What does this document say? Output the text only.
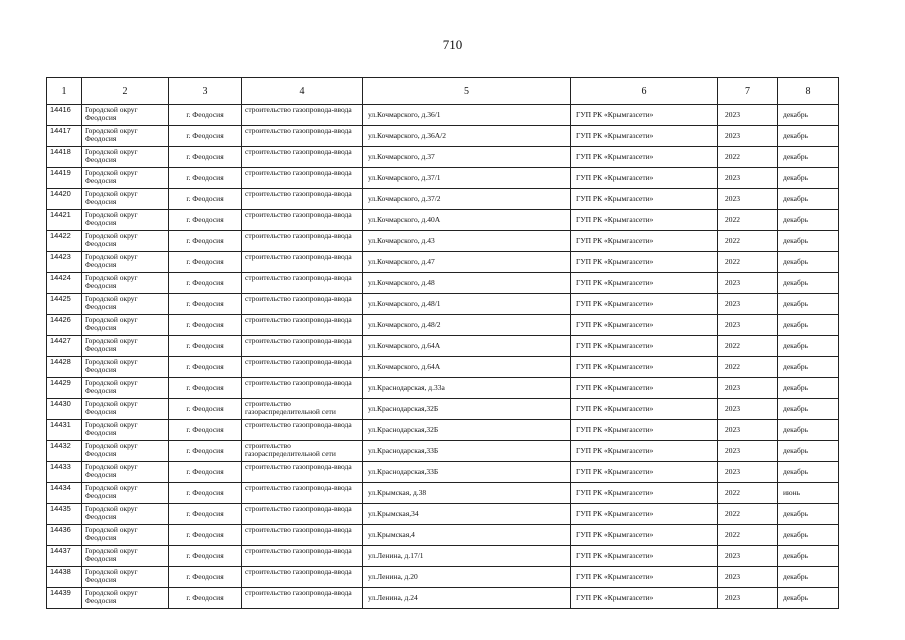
710
1	2	3	4	5	6	7	8
14416	Городской округ Феодосия	г. Феодосия	строительство газопровода-ввода	ул.Кочмарского, д.36/1	ГУП РК «Крымгазсети»	2023	декабрь
14417	Городской округ Феодосия	г. Феодосия	строительство газопровода-ввода	ул.Кочмарского, д.36А/2	ГУП РК «Крымгазсети»	2023	декабрь
14418	Городской округ Феодосия	г. Феодосия	строительство газопровода-ввода	ул.Кочмарского, д.37	ГУП РК «Крымгазсети»	2022	декабрь
14419	Городской округ Феодосия	г. Феодосия	строительство газопровода-ввода	ул.Кочмарского, д.37/1	ГУП РК «Крымгазсети»	2023	декабрь
14420	Городской округ Феодосия	г. Феодосия	строительство газопровода-ввода	ул.Кочмарского, д.37/2	ГУП РК «Крымгазсети»	2023	декабрь
14421	Городской округ Феодосия	г. Феодосия	строительство газопровода-ввода	ул.Кочмарского, д.40А	ГУП РК «Крымгазсети»	2022	декабрь
14422	Городской округ Феодосия	г. Феодосия	строительство газопровода-ввода	ул.Кочмарского, д.43	ГУП РК «Крымгазсети»	2022	декабрь
14423	Городской округ Феодосия	г. Феодосия	строительство газопровода-ввода	ул.Кочмарского, д.47	ГУП РК «Крымгазсети»	2022	декабрь
14424	Городской округ Феодосия	г. Феодосия	строительство газопровода-ввода	ул.Кочмарского, д.48	ГУП РК «Крымгазсети»	2023	декабрь
14425	Городской округ Феодосия	г. Феодосия	строительство газопровода-ввода	ул.Кочмарского, д.48/1	ГУП РК «Крымгазсети»	2023	декабрь
14426	Городской округ Феодосия	г. Феодосия	строительство газопровода-ввода	ул.Кочмарского, д.48/2	ГУП РК «Крымгазсети»	2023	декабрь
14427	Городской округ Феодосия	г. Феодосия	строительство газопровода-ввода	ул.Кочмарского, д.64А	ГУП РК «Крымгазсети»	2022	декабрь
14428	Городской округ Феодосия	г. Феодосия	строительство газопровода-ввода	ул.Кочмарского, д.64А	ГУП РК «Крымгазсети»	2022	декабрь
14429	Городской округ Феодосия	г. Феодосия	строительство газопровода-ввода	ул.Краснодарская, д.33а	ГУП РК «Крымгазсети»	2023	декабрь
14430	Городской округ Феодосия	г. Феодосия	строительство газораспределительной сети	ул.Краснодарская,32Б	ГУП РК «Крымгазсети»	2023	декабрь
14431	Городской округ Феодосия	г. Феодосия	строительство газопровода-ввода	ул.Краснодарская,32Б	ГУП РК «Крымгазсети»	2023	декабрь
14432	Городской округ Феодосия	г. Феодосия	строительство газораспределительной сети	ул.Краснодарская,33Б	ГУП РК «Крымгазсети»	2023	декабрь
14433	Городской округ Феодосия	г. Феодосия	строительство газопровода-ввода	ул.Краснодарская,33Б	ГУП РК «Крымгазсети»	2023	декабрь
14434	Городской округ Феодосия	г. Феодосия	строительство газопровода-ввода	ул.Крымская, д.38	ГУП РК «Крымгазсети»	2022	июнь
14435	Городской округ Феодосия	г. Феодосия	строительство газопровода-ввода	ул.Крымская,34	ГУП РК «Крымгазсети»	2022	декабрь
14436	Городской округ Феодосия	г. Феодосия	строительство газопровода-ввода	ул.Крымская,4	ГУП РК «Крымгазсети»	2022	декабрь
14437	Городской округ Феодосия	г. Феодосия	строительство газопровода-ввода	ул.Ленина, д.17/1	ГУП РК «Крымгазсети»	2023	декабрь
14438	Городской округ Феодосия	г. Феодосия	строительство газопровода-ввода	ул.Ленина, д.20	ГУП РК «Крымгазсети»	2023	декабрь
14439	Городской округ Феодосия	г. Феодосия	строительство газопровода-ввода	ул.Ленина, д.24	ГУП РК «Крымгазсети»	2023	декабрь
